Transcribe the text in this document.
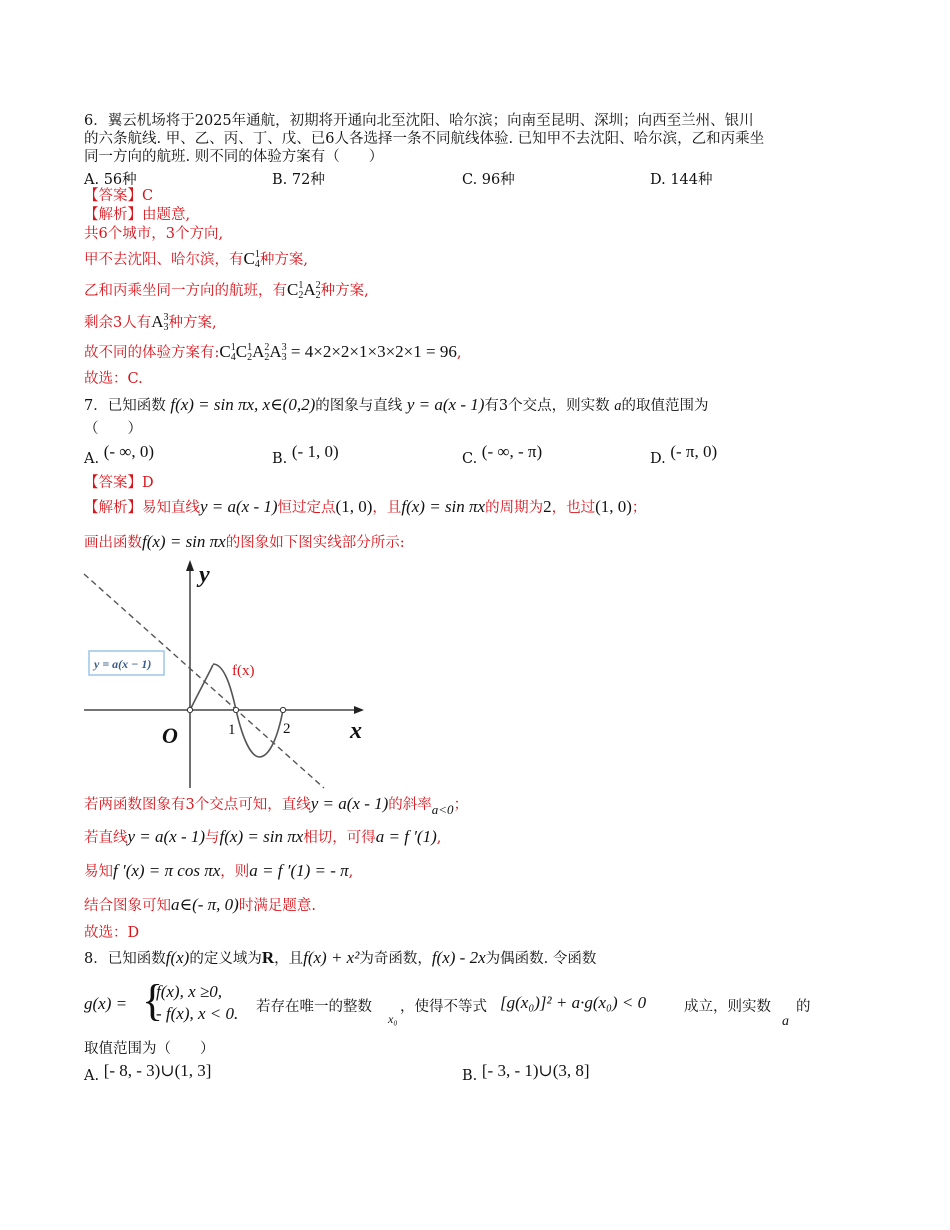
6．翼云机场将于2025年通航，初期将开通向北至沈阳、哈尔滨；向南至昆明、深圳；向西至兰州、银川
的六条航线. 甲、乙、丙、丁、戊、已6人各选择一条不同航线体验. 已知甲不去沈阳、哈尔滨，乙和丙乘坐
同一方向的航班. 则不同的体验方案有（　　）
A. 56种	B. 72种	C. 96种	D. 144种
【答案】C
【解析】由题意,
共6个城市，3个方向,
甲不去沈阳、哈尔滨，有C 1
4 种方案,
乙和丙乘坐同一方向的航班，有C 1
2 A 2
2 种方案,
剩余3人有A 3
3 种方案,
故不同的体验方案有:C 1
4 C 1
2 A 2
2 A 3
3 = 4×2×2×1×3×2×1 = 96,
故选：C.
7．已知函数 f(x) = sin πx, x∈(0,2)的图象与直线 y = a(x - 1)有3个交点，则实数 a的取值范围为
（　　）
A. (- ∞, 0)	B. (- 1, 0)	C. (- ∞, - π)	D. (- π, 0)
【答案】D
【解析】易知直线y = a(x - 1)恒过定点(1, 0)，且f(x) = sin πx的周期为2，也过(1, 0)；
画出函数f(x) = sin πx的图象如下图实线部分所示:
y = a(x − 1)	f(x)
y
x
O	1	2
若两函数图象有3个交点可知，直线y = a(x - 1)的斜率a<0；
若直线y = a(x - 1)与f(x) = sin πx相切，可得a = f ′(1),
易知f ′(x) = π cos πx，则a = f ′(1) = - π,
结合图象可知a∈(- π, 0)时满足题意.
故选：D
8．已知函数f(x)的定义域为R，且f(x) + x²为奇函数，f(x) - 2x为偶函数. 令函数
g(x) = {
f(x), x ≥0,
- f(x), x < 0. 若存在唯一的整数
x₀
，使得不等式 [g(x₀)]² + a·g(x₀) < 0	成立，则实数
a
的
取值范围为（　　）
A. [- 8, - 3)∪(1, 3]	B. [- 3, - 1)∪(3, 8]
